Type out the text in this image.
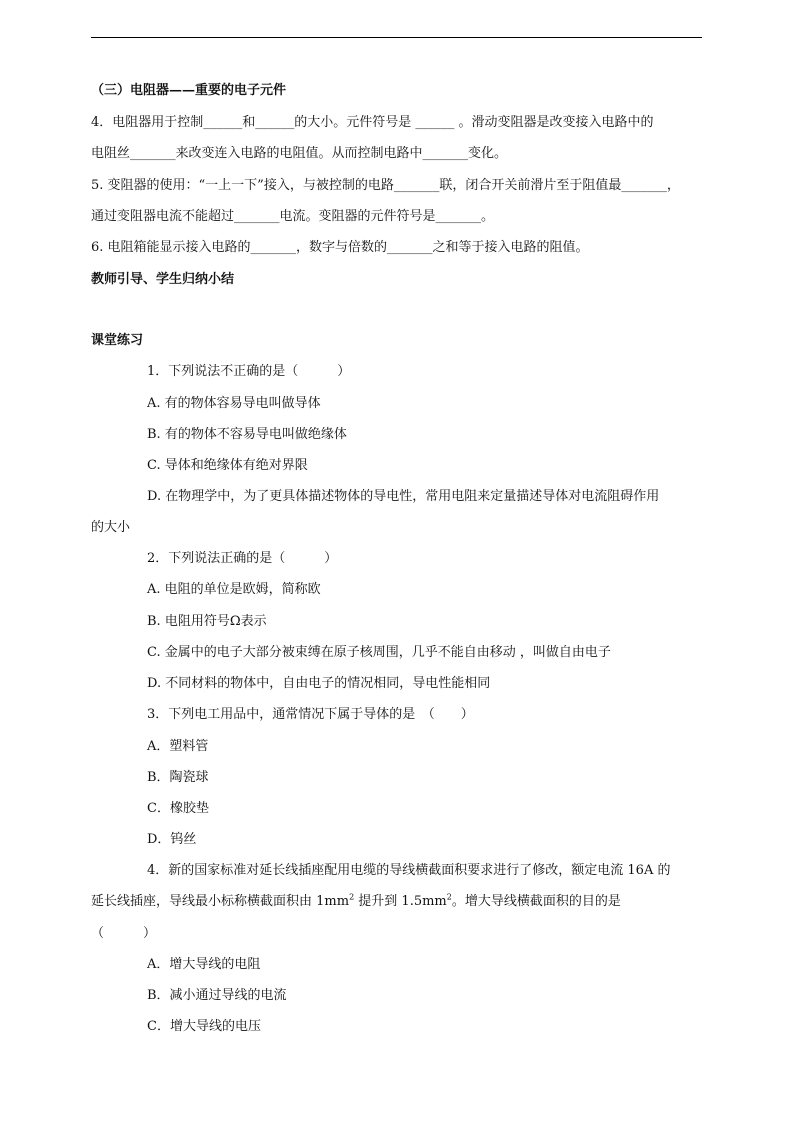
（三）电阻器——重要的电子元件
4．电阻器用于控制______和______的大小。元件符号是 ______ 。滑动变阻器是改变接入电路中的
电阻丝_______来改变连入电路的电阻值。从而控制电路中_______变化。
5. 变阻器的使用：“一上一下”接入，与被控制的电路_______联，闭合开关前滑片至于阻值最_______，
通过变阻器电流不能超过_______电流。变阻器的元件符号是_______。
6. 电阻箱能显示接入电路的_______，数字与倍数的_______之和等于接入电路的阻值。
教师引导、学生归纳小结
课堂练习
1．下列说法不正确的是（　　　）
A. 有的物体容易导电叫做导体
B. 有的物体不容易导电叫做绝缘体
C. 导体和绝缘体有绝对界限
D. 在物理学中，为了更具体描述物体的导电性，常用电阻来定量描述导体对电流阻碍作用
的大小
2．下列说法正确的是（　　　）
A. 电阻的单位是欧姆，简称欧
B. 电阻用符号Ω表示
C. 金属中的电子大部分被束缚在原子核周围，几乎不能自由移动 ，叫做自由电子
D. 不同材料的物体中，自由电子的情况相同，导电性能相同
3．下列电工用品中，通常情况下属于导体的是　（　　）
A．塑料管
B．陶瓷球
C．橡胶垫
D．钨丝
4．新的国家标准对延长线插座配用电缆的导线横截面积要求进行了修改，额定电流 16A 的
延长线插座，导线最小标称横截面积由 $1mm^2$ 提升到 $1.5mm^2$。增大导线横截面积的目的是
（　　　）
A．增大导线的电阻
B．减小通过导线的电流
C．增大导线的电压
